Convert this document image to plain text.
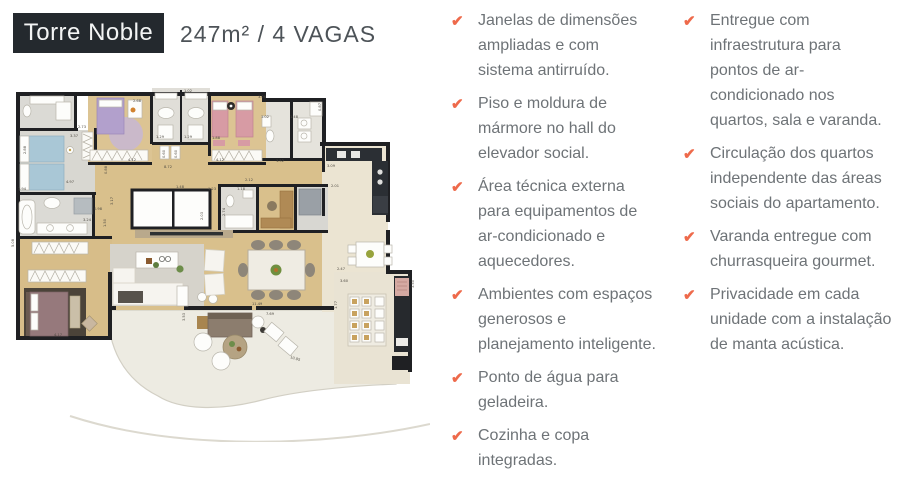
Torre Noble	247m² / 4 VAGAS
2.73
3.37
2.88
4.97
3.94
2.68
1.02
1.29	1.29
0.60 0.60
8.72
4.12	4.12
1.88
3.06
1.02	1.48
0.87
1.52
3.09
2.01
2.12
1.48	1.23
2.03
1.18
2.74
0.98
3.24
3.17
0.88
5.08
1.50
4.17
11.49
7.69
10.95
3.53
2.47
3.60
1.77
3.50
✔ Janelas de dimensões ampliadas e com sistema antirruído.
✔ Piso e moldura de mármore no hall do elevador social.
✔ Área técnica externa para equipamentos de ar-condicionado e aquecedores.
✔ Ambientes com espaços generosos e planejamento inteligente.
✔ Ponto de água para geladeira.
✔ Cozinha e copa integradas.
✔ Entregue com infraestrutura para pontos de ar-condicionado nos quartos, sala e varanda.
✔ Circulação dos quartos independente das áreas sociais do apartamento.
✔ Varanda entregue com churrasqueira gourmet.
✔ Privacidade em cada unidade com a instalação de manta acústica.
